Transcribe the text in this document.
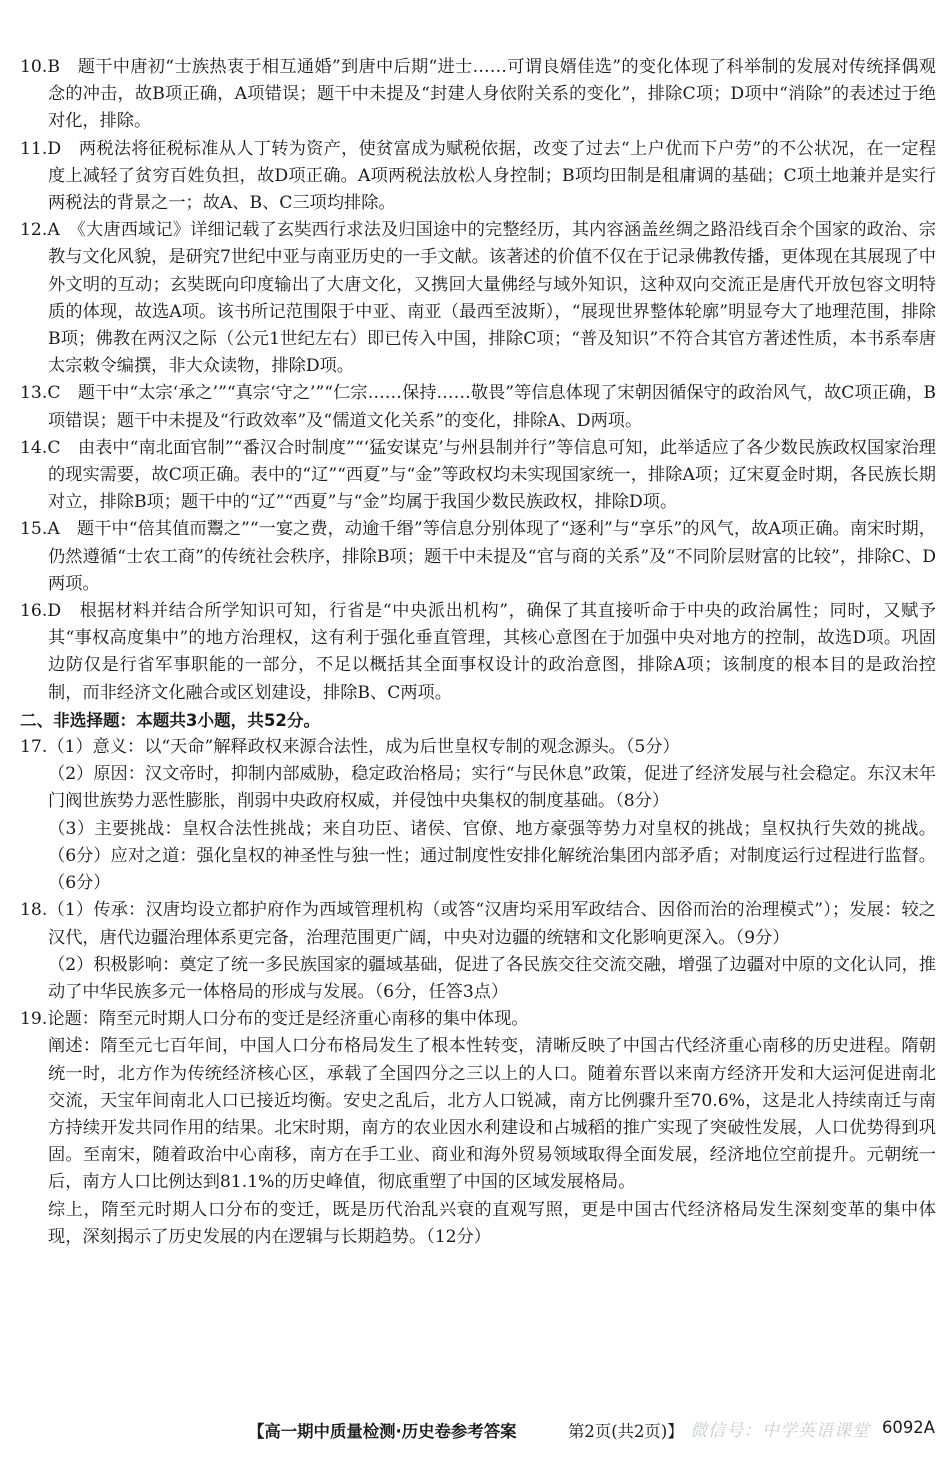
10.B　题干中唐初“士族热衷于相互通婚”到唐中后期“进士……可谓良婿佳选”的变化体现了科举制的发展对传统择偶观念的冲击，故B项正确，A项错误；题干中未提及“封建人身依附关系的变化”，排除C项；D项中“消除”的表述过于绝对化，排除。

11.D　两税法将征税标准从人丁转为资产，使贫富成为赋税依据，改变了过去“上户优而下户劳”的不公状况，在一定程度上减轻了贫穷百姓负担，故D项正确。A项两税法放松人身控制；B项均田制是租庸调的基础；C项土地兼并是实行两税法的背景之一；故A、B、C三项均排除。

12.A　《大唐西域记》详细记载了玄奘西行求法及归国途中的完整经历，其内容涵盖丝绸之路沿线百余个国家的政治、宗教与文化风貌，是研究7世纪中亚与南亚历史的一手文献。该著述的价值不仅在于记录佛教传播，更体现在其展现了中外文明的互动；玄奘既向印度输出了大唐文化，又携回大量佛经与域外知识，这种双向交流正是唐代开放包容文明特质的体现，故选A项。该书所记范围限于中亚、南亚（最西至波斯），“展现世界整体轮廓”明显夸大了地理范围，排除B项；佛教在两汉之际（公元1世纪左右）即已传入中国，排除C项；“普及知识”不符合其官方著述性质，本书系奉唐太宗敕令编撰，非大众读物，排除D项。

13.C　题干中“太宗‘承之’”“真宗‘守之’”“仁宗……保持……敬畏”等信息体现了宋朝因循保守的政治风气，故C项正确，B项错误；题干中未提及“行政效率”及“儒道文化关系”的变化，排除A、D两项。

14.C　由表中“南北面官制”“番汉合时制度”“‘猛安谋克’与州县制并行”等信息可知，此举适应了各少数民族政权国家治理的现实需要，故C项正确。表中的“辽”“西夏”与“金”等政权均未实现国家统一，排除A项；辽宋夏金时期，各民族长期对立，排除B项；题干中的“辽”“西夏”与“金”均属于我国少数民族政权，排除D项。

15.A　题干中“倍其值而鬻之”“一宴之费，动逾千缗”等信息分别体现了“逐利”与“享乐”的风气，故A项正确。南宋时期，仍然遵循“士农工商”的传统社会秩序，排除B项；题干中未提及“官与商的关系”及“不同阶层财富的比较”，排除C、D两项。

16.D　根据材料并结合所学知识可知，行省是“中央派出机构”，确保了其直接听命于中央的政治属性；同时，又赋予其“事权高度集中”的地方治理权，这有利于强化垂直管理，其核心意图在于加强中央对地方的控制，故选D项。巩固边防仅是行省军事职能的一部分，不足以概括其全面事权设计的政治意图，排除A项；该制度的根本目的是政治控制，而非经济文化融合或区划建设，排除B、C两项。

二、非选择题：本题共3小题，共52分。

17.（1）意义：以“天命”解释政权来源合法性，成为后世皇权专制的观念源头。（5分）

（2）原因：汉文帝时，抑制内部威胁，稳定政治格局；实行“与民休息”政策，促进了经济发展与社会稳定。东汉末年门阀世族势力恶性膨胀，削弱中央政府权威，并侵蚀中央集权的制度基础。（8分）

（3）主要挑战：皇权合法性挑战；来自功臣、诸侯、官僚、地方豪强等势力对皇权的挑战；皇权执行失效的挑战。（6分）应对之道：强化皇权的神圣性与独一性；通过制度性安排化解统治集团内部矛盾；对制度运行过程进行监督。（6分）

18.（1）传承：汉唐均设立都护府作为西域管理机构（或答“汉唐均采用军政结合、因俗而治的治理模式”）；发展：较之汉代，唐代边疆治理体系更完备，治理范围更广阔，中央对边疆的统辖和文化影响更深入。（9分）

（2）积极影响：奠定了统一多民族国家的疆域基础，促进了各民族交往交流交融，增强了边疆对中原的文化认同，推动了中华民族多元一体格局的形成与发展。（6分，任答3点）

19.论题：隋至元时期人口分布的变迁是经济重心南移的集中体现。

阐述：隋至元七百年间，中国人口分布格局发生了根本性转变，清晰反映了中国古代经济重心南移的历史进程。隋朝统一时，北方作为传统经济核心区，承载了全国四分之三以上的人口。随着东晋以来南方经济开发和大运河促进南北交流，天宝年间南北人口已接近均衡。安史之乱后，北方人口锐减，南方比例骤升至70.6%，这是北人持续南迁与南方持续开发共同作用的结果。北宋时期，南方的农业因水利建设和占城稻的推广实现了突破性发展，人口优势得到巩固。至南宋，随着政治中心南移，南方在手工业、商业和海外贸易领域取得全面发展，经济地位空前提升。元朝统一后，南方人口比例达到81.1%的历史峰值，彻底重塑了中国的区域发展格局。

综上，隋至元时期人口分布的变迁，既是历代治乱兴衰的直观写照，更是中国古代经济格局发生深刻变革的集中体现，深刻揭示了历史发展的内在逻辑与长期趋势。（12分）

【高一期中质量检测·历史卷参考答案	第2页(共2页)】 微信号：中学英语课堂 6092A
